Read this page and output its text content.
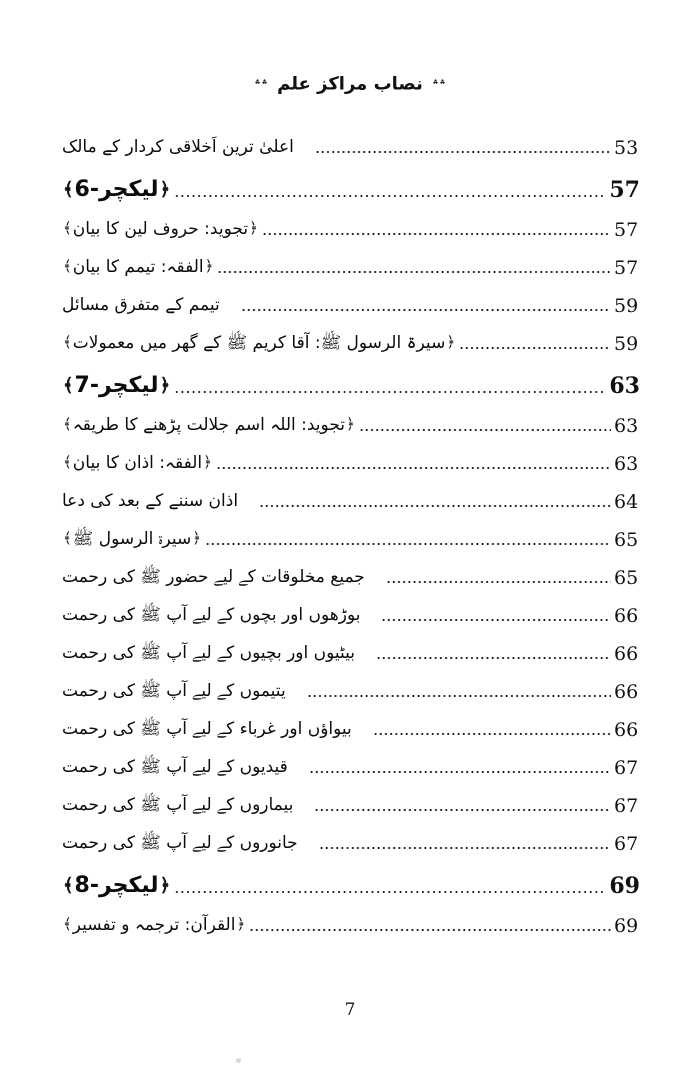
؞؞ نصاب مراکز علم ؞؞
اعلیٰ ترین اَخلاقی کردار کے مالک	53
﴿لیکچر-6﴾	57
﴿تجوید: حروف لین کا بیان﴾	57
﴿الفقہ: تیمم کا بیان﴾	57
تیمم کے متفرق مسائل	59
﴿سیرۃ الرسول ﷺ: آقا کریم ﷺ کے گھر میں معمولات﴾	59
﴿لیکچر-7﴾	63
﴿تجوید: اللہ اسم جلالت پڑھنے کا طریقہ﴾	63
﴿الفقہ: اذان کا بیان﴾	63
اذان سننے کے بعد کی دعا	64
﴿سیرۃ الرسول ﷺ﴾	65
جمیع مخلوقات کے لیے حضور ﷺ کی رحمت	65
بوڑھوں اور بچوں کے لیے آپ ﷺ کی رحمت	66
بیٹیوں اور بچیوں کے لیے آپ ﷺ کی رحمت	66
یتیموں کے لیے آپ ﷺ کی رحمت	66
بیواؤں اور غرباء کے لیے آپ ﷺ کی رحمت	66
قیدیوں کے لیے آپ ﷺ کی رحمت	67
بیماروں کے لیے آپ ﷺ کی رحمت	67
جانوروں کے لیے آپ ﷺ کی رحمت	67
﴿لیکچر-8﴾	69
﴿القرآن: ترجمہ و تفسیر﴾	69
7
